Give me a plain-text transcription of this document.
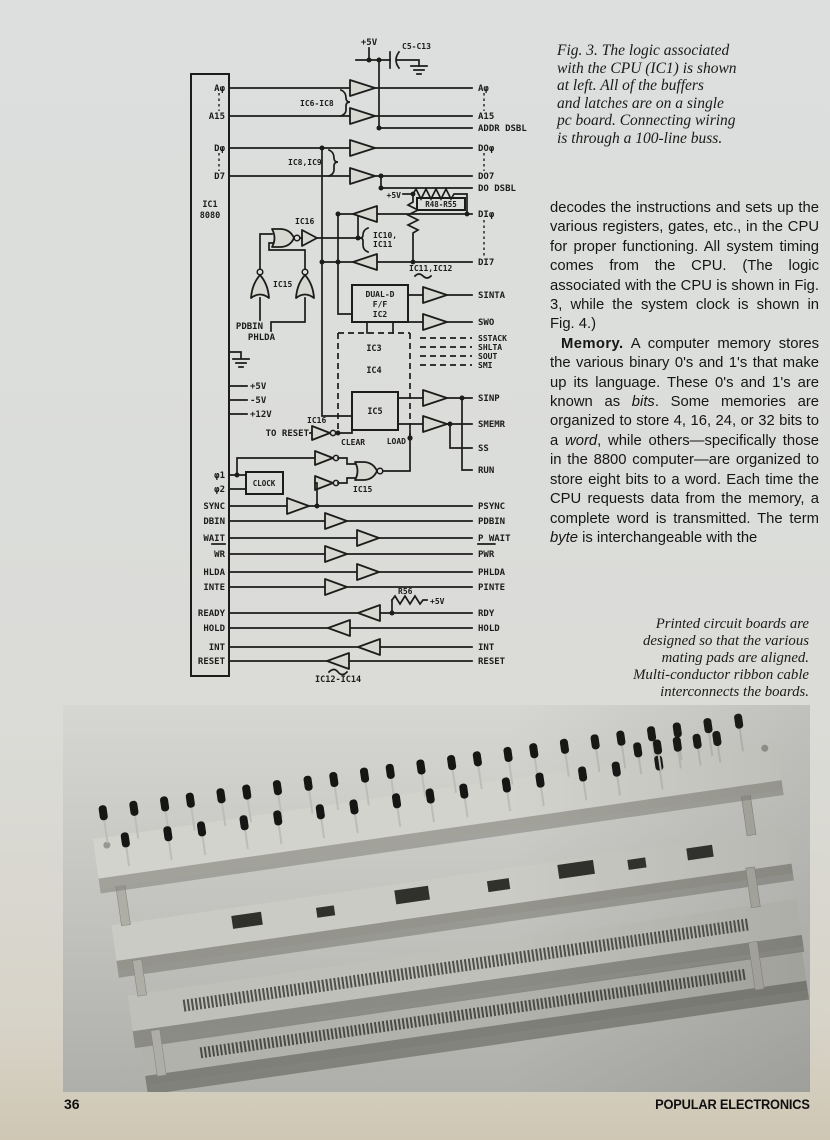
IC1
8080
+5V	C5-C13
Aφ
A15
Aφ
A15
ADDR DSBL
IC6-IC8
Dφ
D7
DOφ
DO7
DO DSBL
IC8,IC9
+5V
R48-R55
DIφ
DI7
IC10,
IC11
IC16
IC15
PDBIN
PHLDA
DUAL-D
F/F
IC2
IC11,IC12
SINTA
SWO
IC3
IC4
SSTACK
SHLTA
SOUT
SMI
IC5
SINP
SMEMR
SS
RUN
TO RESET
IC16
CLEAR	LOAD
CLOCK
IC15
φ1
φ2
+5V
-5V
+12V
R56
+5V
IC12-IC14
SYNC	PSYNC
DBIN	PDBIN
WAIT	P WAIT
WR	PWR
HLDA	PHLDA
INTE	PINTE
READY	RDY
HOLD	HOLD
INT	INT
RESET	RESET
Fig. 3. The logic associated
with the CPU (IC1) is shown
at left. All of the buffers
and latches are on a single
pc board. Connecting wiring
is through a 100-line buss.

decodes the instructions and sets up the various registers, gates, etc., in the CPU for proper functioning. All system timing comes from the CPU. (The logic associated with the CPU is shown in Fig. 3, while the system clock is shown in Fig. 4.)

Memory. A computer memory stores the various binary 0's and 1's that make up its language. These 0's and 1's are known as bits. Some memories are organized to store 4, 16, 24, or 32 bits to a word, while others—specifically those in the 8800 computer—are organized to store eight bits to a word. Each time the CPU requests data from the memory, a complete word is transmitted. The term byte is interchangeable with the

Printed circuit boards are
designed so that the various
mating pads are aligned.
Multi-conductor ribbon cable
interconnects the boards.
36	POPULAR ELECTRONICS
